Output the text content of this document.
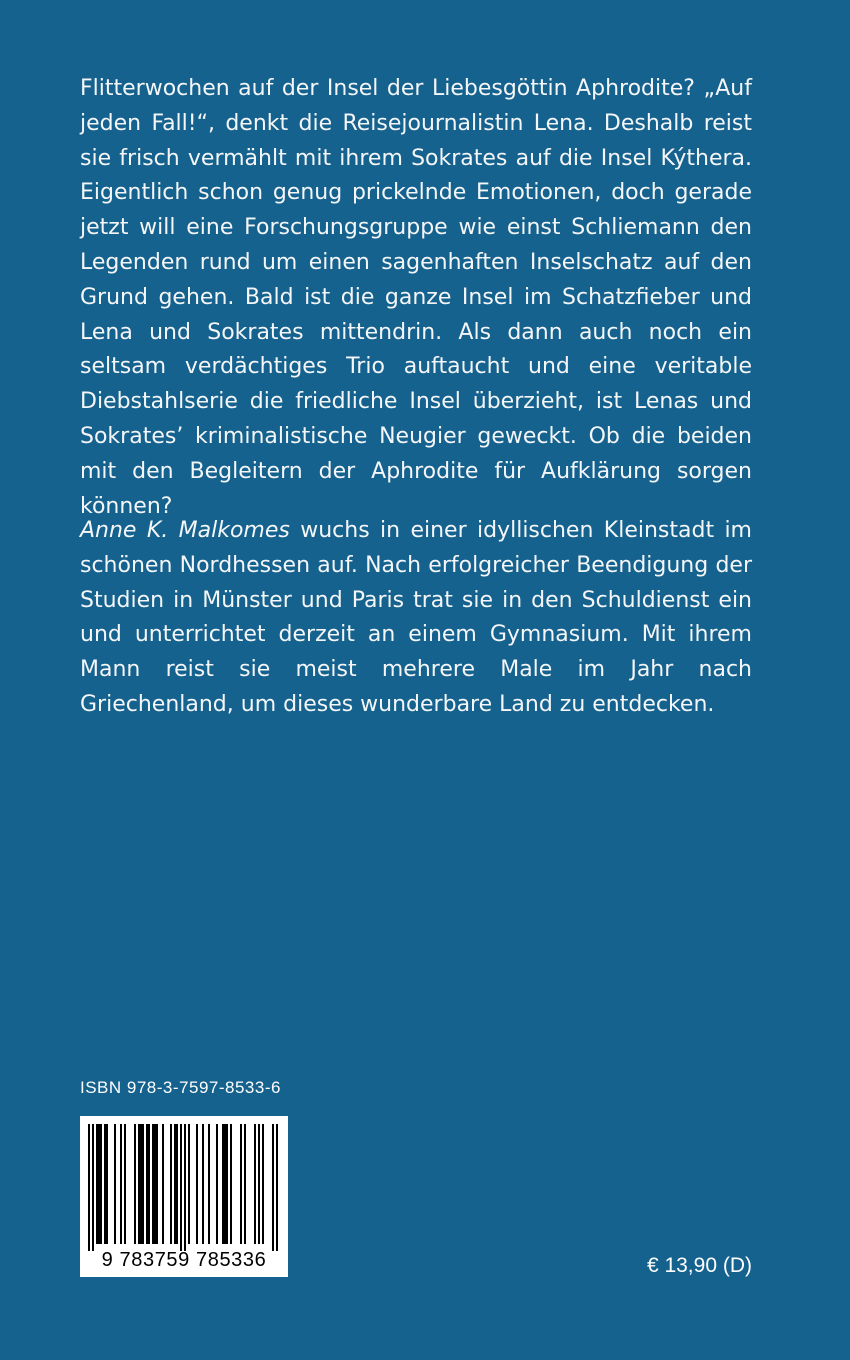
Flitterwochen auf der Insel der Liebesgöttin Aphrodite? „Auf jeden Fall!“, denkt die Reisejournalistin Lena. Deshalb reist sie frisch vermählt mit ihrem Sokrates auf die Insel Kýthera. Eigentlich schon genug prickelnde Emotionen, doch gerade jetzt will eine Forschungsgruppe wie einst Schliemann den Legenden rund um einen sagenhaften Inselschatz auf den Grund gehen. Bald ist die ganze Insel im Schatzfieber und Lena und Sokrates mittendrin. Als dann auch noch ein seltsam verdächtiges Trio auftaucht und eine veritable Diebstahlserie die friedliche Insel überzieht, ist Lenas und Sokrates’ kriminalistische Neugier geweckt. Ob die beiden mit den Begleitern der Aphrodite für Aufklärung sorgen können?

Anne K. Malkomes wuchs in einer idyllischen Kleinstadt im schönen Nordhessen auf. Nach erfolgreicher Beendigung der Studien in Münster und Paris trat sie in den Schuldienst ein und unterrichtet derzeit an einem Gymnasium. Mit ihrem Mann reist sie meist mehrere Male im Jahr nach Griechenland, um dieses wunderbare Land zu entdecken.

ISBN 978-3-7597-8533-6
9 783759 785336	€ 13,90 (D)
